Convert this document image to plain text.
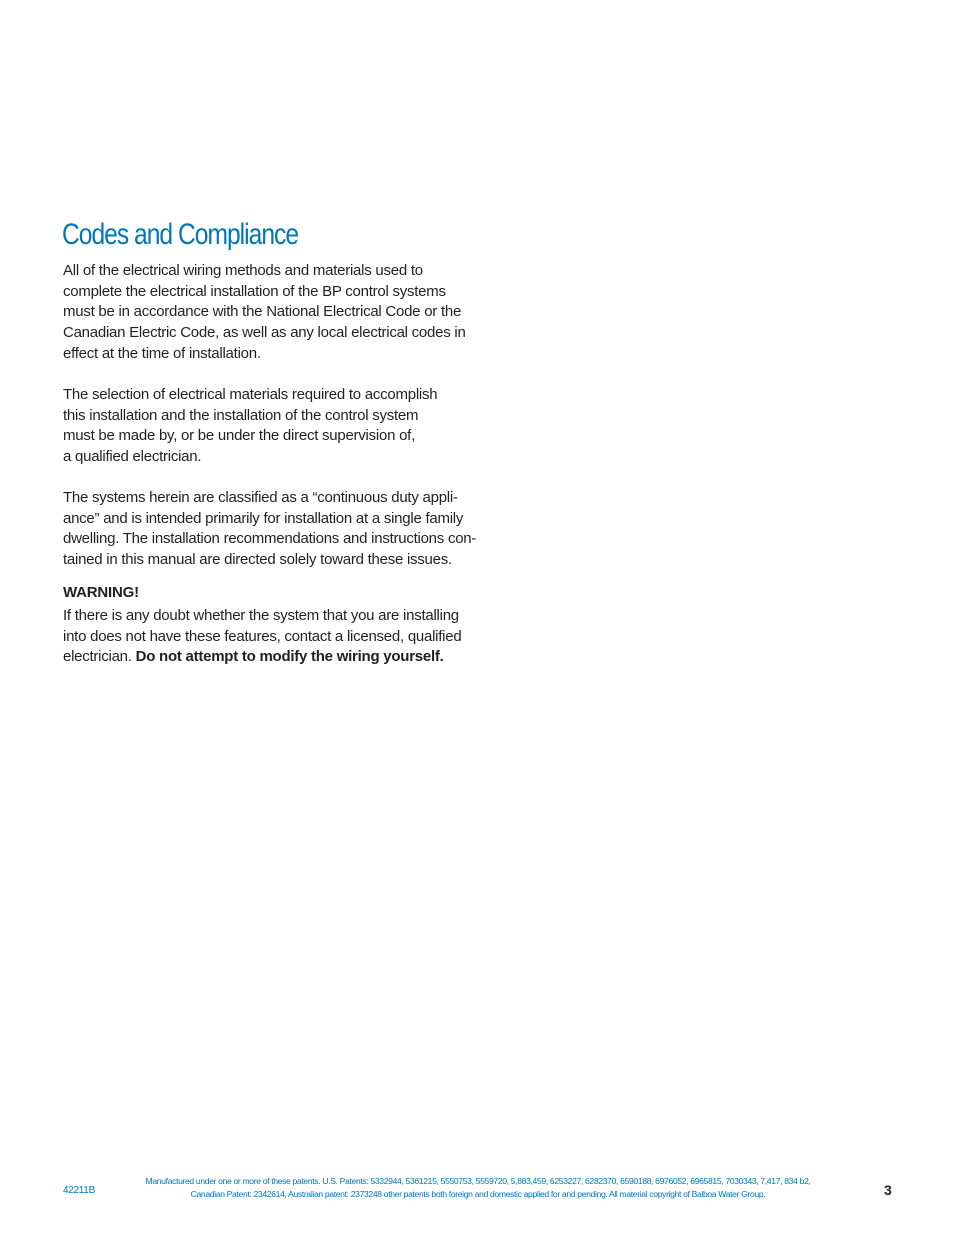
Codes and Compliance
All of the electrical wiring methods and materials used to
complete the electrical installation of the BP control systems
must be in accordance with the National Electrical Code or the
Canadian Electric Code, as well as any local electrical codes in
effect at the time of installation.
The selection of electrical materials required to accomplish
this installation and the installation of the control system
must be made by, or be under the direct supervision of,
a qualified electrician.
The systems herein are classified as a “continuous duty appli-
ance” and is intended primarily for installation at a single family
dwelling. The installation recommendations and instructions con-
tained in this manual are directed solely toward these issues.
WARNING!
If there is any doubt whether the system that you are installing
into does not have these features, contact a licensed, qualified
electrician. Do not attempt to modify the wiring yourself.
42211B
Manufactured under one or more of these patents. U.S. Patents: 5332944, 5361215, 5550753, 5559720, 5,883,459, 6253227, 6282370, 6590188, 6976052, 6965815, 7030343, 7,417, 834 b2,
Canadian Patent: 2342614, Australian patent: 2373248 other patents both foreign and domestic applied for and pending. All material copyright of Balboa Water Group.	3
